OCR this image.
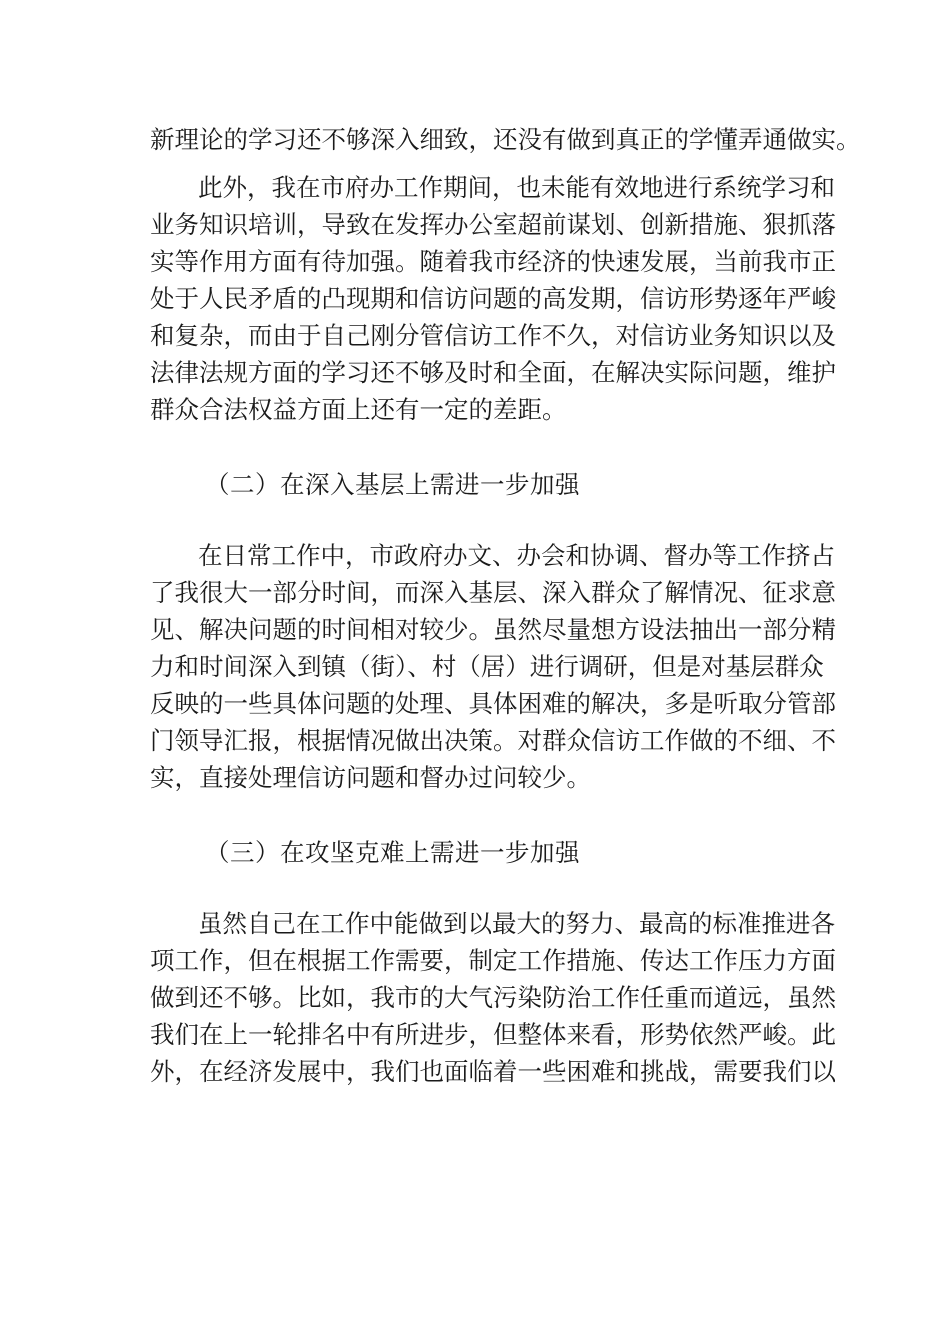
新理论的学习还不够深入细致，还没有做到真正的学懂弄通做实。
此外，我在市府办工作期间，也未能有效地进行系统学习和
业务知识培训，导致在发挥办公室超前谋划、创新措施、狠抓落
实等作用方面有待加强。随着我市经济的快速发展，当前我市正
处于人民矛盾的凸现期和信访问题的高发期，信访形势逐年严峻
和复杂，而由于自己刚分管信访工作不久，对信访业务知识以及
法律法规方面的学习还不够及时和全面，在解决实际问题，维护
群众合法权益方面上还有一定的差距。
（二）在深入基层上需进一步加强
在日常工作中，市政府办文、办会和协调、督办等工作挤占
了我很大一部分时间，而深入基层、深入群众了解情况、征求意
见、解决问题的时间相对较少。虽然尽量想方设法抽出一部分精
力和时间深入到镇（街）、村（居）进行调研，但是对基层群众
反映的一些具体问题的处理、具体困难的解决，多是听取分管部
门领导汇报，根据情况做出决策。对群众信访工作做的不细、不
实，直接处理信访问题和督办过问较少。
（三）在攻坚克难上需进一步加强
虽然自己在工作中能做到以最大的努力、最高的标准推进各
项工作，但在根据工作需要，制定工作措施、传达工作压力方面
做到还不够。比如，我市的大气污染防治工作任重而道远，虽然
我们在上一轮排名中有所进步，但整体来看，形势依然严峻。此
外，在经济发展中，我们也面临着一些困难和挑战，需要我们以
